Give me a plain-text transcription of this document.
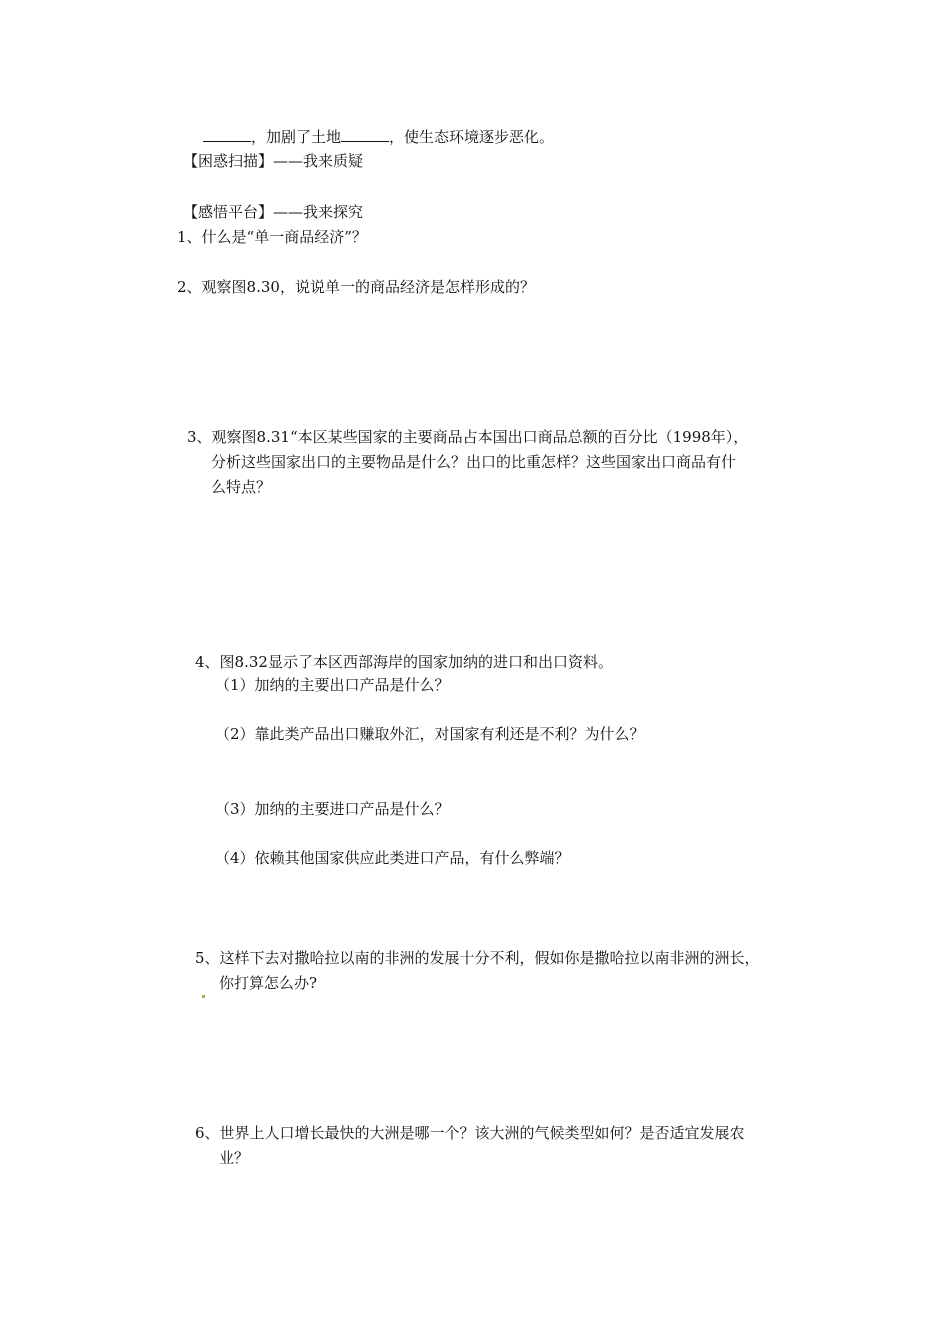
，加剧了土地	，使生态环境逐步恶化。
【困惑扫描】——我来质疑
【感悟平台】——我来探究
1、什么是“单一商品经济”？
2、观察图8.30，说说单一的商品经济是怎样形成的？
3、观察图8.31“本区某些国家的主要商品占本国出口商品总额的百分比（1998年），
分析这些国家出口的主要物品是什么？出口的比重怎样？这些国家出口商品有什
么特点？
4、图8.32显示了本区西部海岸的国家加纳的进口和出口资料。
（1）加纳的主要出口产品是什么？
（2）靠此类产品出口赚取外汇，对国家有利还是不利？为什么？
（3）加纳的主要进口产品是什么？
（4）依赖其他国家供应此类进口产品，有什么弊端？
5、这样下去对撒哈拉以南的非洲的发展十分不利，假如你是撒哈拉以南非洲的洲长，
你打算怎么办?
6、世界上人口增长最快的大洲是哪一个？该大洲的气候类型如何？是否适宜发展农
业？
